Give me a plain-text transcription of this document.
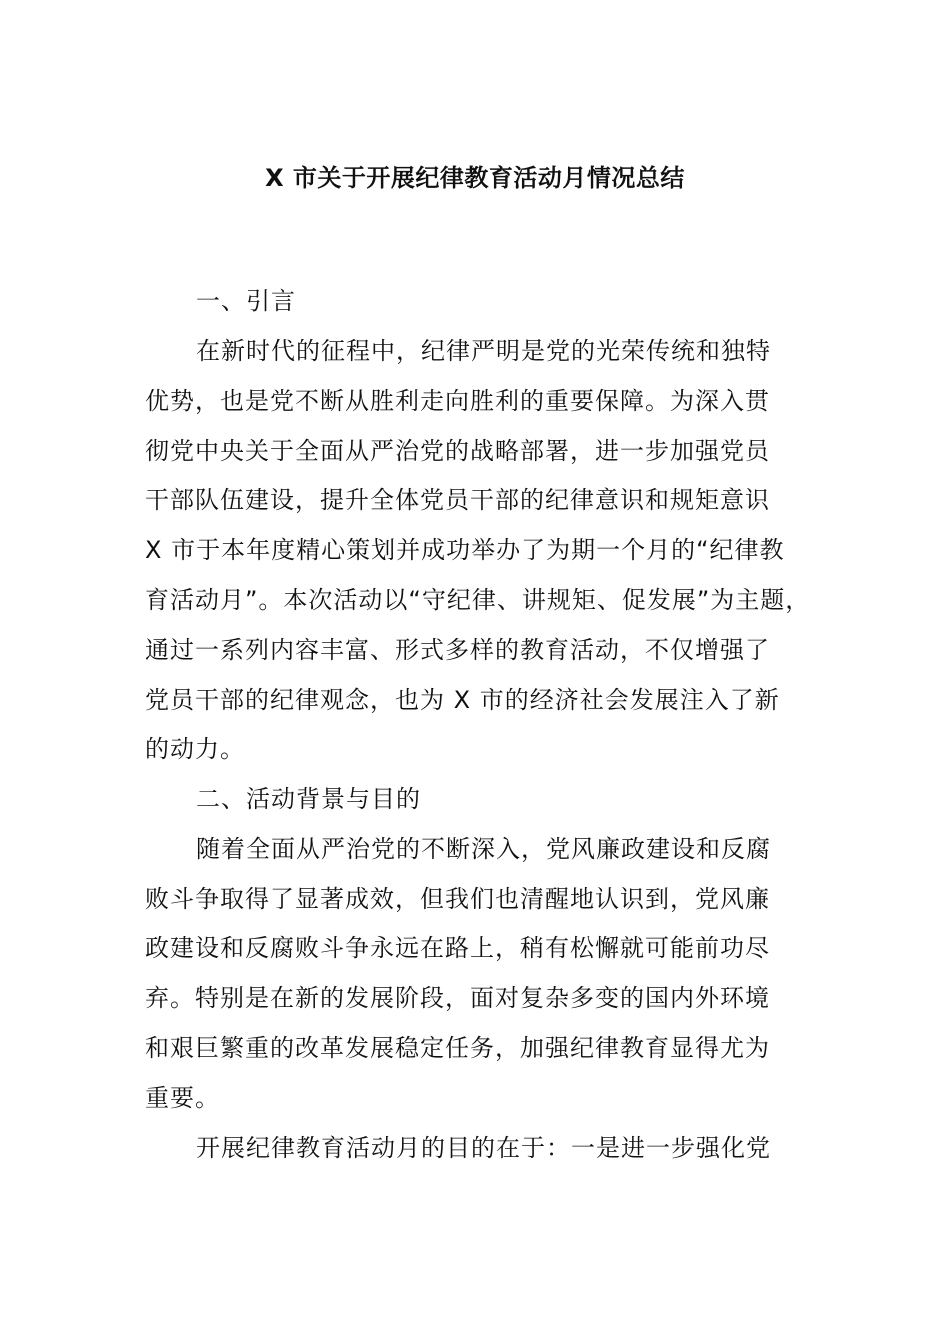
X 市关于开展纪律教育活动月情况总结
一、引言
在新时代的征程中，纪律严明是党的光荣传统和独特
优势，也是党不断从胜利走向胜利的重要保障。为深入贯
彻党中央关于全面从严治党的战略部署，进一步加强党员
干部队伍建设，提升全体党员干部的纪律意识和规矩意识
X 市于本年度精心策划并成功举办了为期一个月的“纪律教
育活动月”。本次活动以“守纪律、讲规矩、促发展”为主题，
通过一系列内容丰富、形式多样的教育活动，不仅增强了
党员干部的纪律观念，也为 X 市的经济社会发展注入了新
的动力。
二、活动背景与目的
随着全面从严治党的不断深入，党风廉政建设和反腐
败斗争取得了显著成效，但我们也清醒地认识到，党风廉
政建设和反腐败斗争永远在路上，稍有松懈就可能前功尽
弃。特别是在新的发展阶段，面对复杂多变的国内外环境
和艰巨繁重的改革发展稳定任务，加强纪律教育显得尤为
重要。
开展纪律教育活动月的目的在于：一是进一步强化党
